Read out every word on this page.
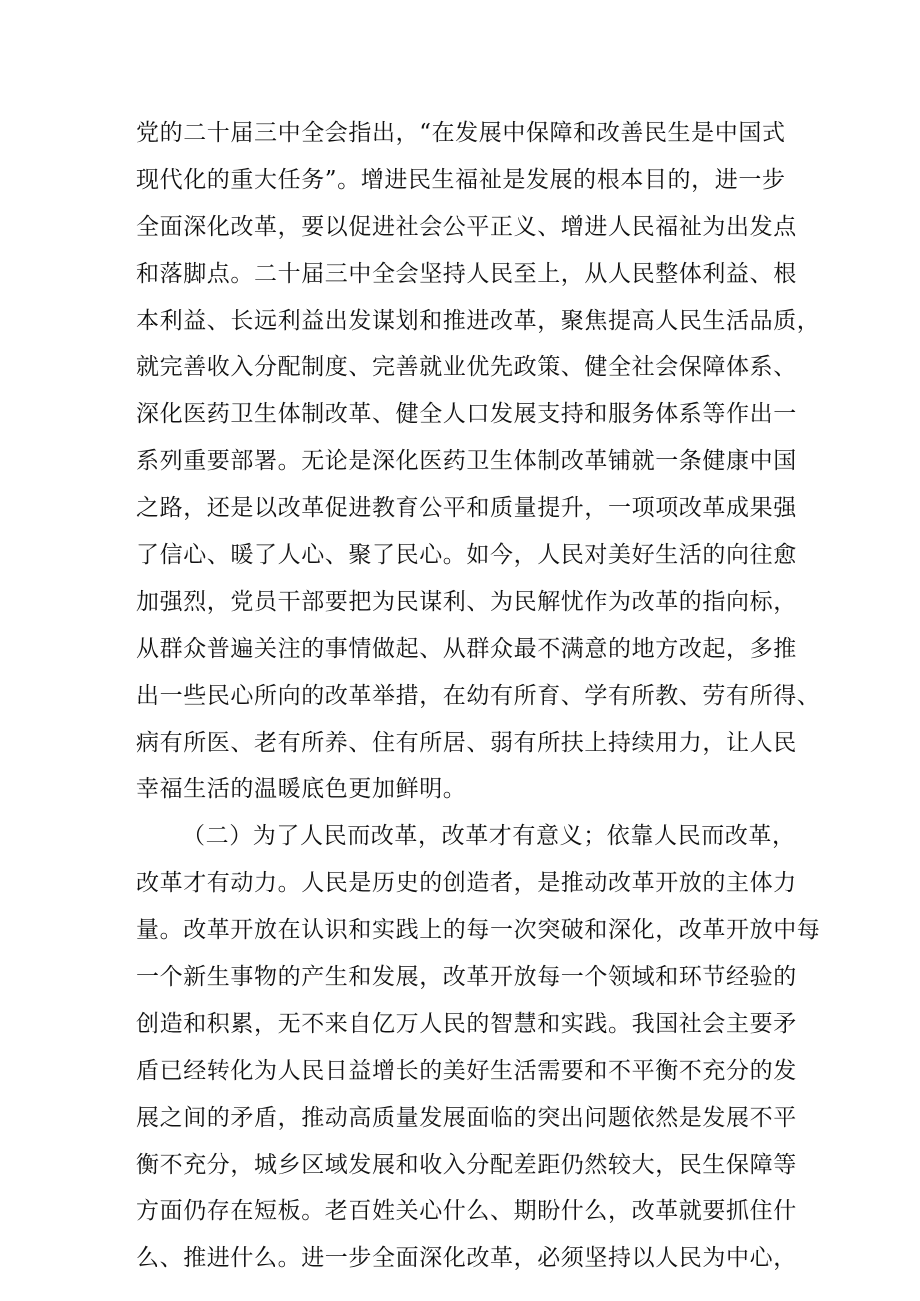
党的二十届三中全会指出，“在发展中保障和改善民生是中国式
现代化的重大任务”。增进民生福祉是发展的根本目的，进一步
全面深化改革，要以促进社会公平正义、增进人民福祉为出发点
和落脚点。二十届三中全会坚持人民至上，从人民整体利益、根
本利益、长远利益出发谋划和推进改革，聚焦提高人民生活品质，
就完善收入分配制度、完善就业优先政策、健全社会保障体系、
深化医药卫生体制改革、健全人口发展支持和服务体系等作出一
系列重要部署。无论是深化医药卫生体制改革铺就一条健康中国
之路，还是以改革促进教育公平和质量提升，一项项改革成果强
了信心、暖了人心、聚了民心。如今，人民对美好生活的向往愈
加强烈，党员干部要把为民谋利、为民解忧作为改革的指向标，
从群众普遍关注的事情做起、从群众最不满意的地方改起，多推
出一些民心所向的改革举措，在幼有所育、学有所教、劳有所得、
病有所医、老有所养、住有所居、弱有所扶上持续用力，让人民
幸福生活的温暖底色更加鲜明。
（二）为了人民而改革，改革才有意义；依靠人民而改革，
改革才有动力。人民是历史的创造者，是推动改革开放的主体力
量。改革开放在认识和实践上的每一次突破和深化，改革开放中每
一个新生事物的产生和发展，改革开放每一个领域和环节经验的
创造和积累，无不来自亿万人民的智慧和实践。我国社会主要矛
盾已经转化为人民日益增长的美好生活需要和不平衡不充分的发
展之间的矛盾，推动高质量发展面临的突出问题依然是发展不平
衡不充分，城乡区域发展和收入分配差距仍然较大，民生保障等
方面仍存在短板。老百姓关心什么、期盼什么，改革就要抓住什
么、推进什么。进一步全面深化改革，必须坚持以人民为中心，
